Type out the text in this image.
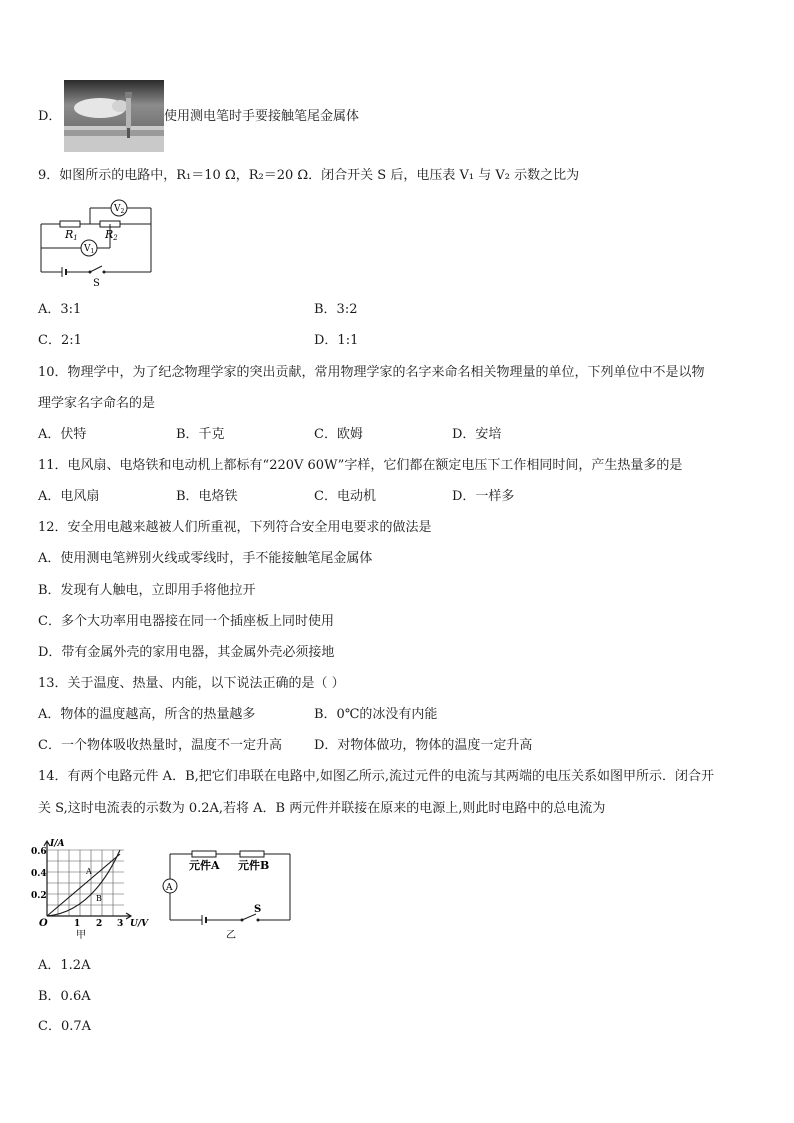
D．	使用测电笔时手要接触笔尾金属体
9．如图所示的电路中，R₁＝10 Ω，R₂＝20 Ω．闭合开关 S 后，电压表 V₁ 与 V₂ 示数之比为
R1 R2
$V_2$
$V_1$
S
A．3:1	B．3:2
C．2:1	D．1:1
10．物理学中，为了纪念物理学家的突出贡献，常用物理学家的名字来命名相关物理量的单位，下列单位中不是以物
理学家名字命名的是
A．伏特	B．千克	C．欧姆	D．安培
11．电风扇、电烙铁和电动机上都标有“220V 60W”字样，它们都在额定电压下工作相同时间，产生热量多的是
A．电风扇	B．电烙铁	C．电动机	D．一样多
12．安全用电越来越被人们所重视，下列符合安全用电要求的做法是
A．使用测电笔辨别火线或零线时，手不能接触笔尾金属体
B．发现有人触电，立即用手将他拉开
C．多个大功率用电器接在同一个插座板上同时使用
D．带有金属外壳的家用电器，其金属外壳必须接地
13．关于温度、热量、内能，以下说法正确的是（ ）
A．物体的温度越高，所含的热量越多	B．0℃的冰没有内能
C．一个物体吸收热量时，温度不一定升高 D．对物体做功，物体的温度一定升高
14．有两个电路元件 A．B,把它们串联在电路中,如图乙所示,流过元件的电流与其两端的电压关系如图甲所示．闭合开
关 S,这时电流表的示数为 0.2A,若将 A．B 两元件并联接在原来的电源上,则此时电路中的总电流为
I/A
0.6
0.4
0.2
O	1 2 3 U/V
A
B
甲
A
元件A 元件B
S
乙
A．1.2A
B．0.6A
C．0.7A
